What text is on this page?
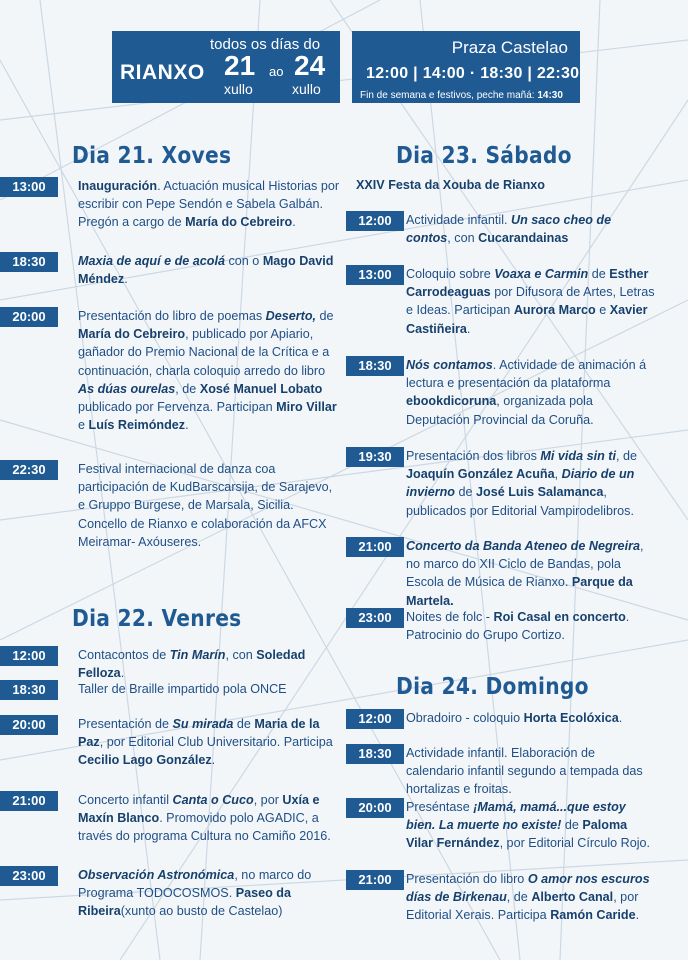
RIANXO
todos os días do
21 ao 24
xullo	xullo
Praza Castelao
12:00 | 14:00 · 18:30 | 22:30
Fin de semana e festivos, peche mañá: 14:30
Dia 21. Xoves
Dia 22. Venres
Dia 23. Sábado
Dia 24. Domingo
XXIV Festa da Xouba de Rianxo
13:00	Inauguración. Actuación musical Historias por escribir con Pepe Sendón e Sabela Galbán. Pregón a cargo de María do Cebreiro.
18:30	Maxia de aquí e de acolá con o Mago David Méndez.
20:00	Presentación do libro de poemas Deserto, de María do Cebreiro, publicado por Apiario, gañador do Premio Nacional de la Crítica e a continuación, charla coloquio arredo do libro As dúas ourelas, de Xosé Manuel Lobato publicado por Fervenza. Participan Miro Villar e Luís Reimóndez.
22:30	Festival internacional de danza coa participación de KudBarscarsija, de Sarajevo, e Gruppo Burgese, de Marsala, Sicilia. Concello de Rianxo e colaboración da AFCX Meiramar- Axóuseres.
12:00	Contacontos de Tin Marín, con Soledad Felloza.
18:30	Taller de Braille impartido pola ONCE
20:00	Presentación de Su mirada de Maria de la Paz, por Editorial Club Universitario. Participa Cecilio Lago González.
21:00	Concerto infantil Canta o Cuco, por Uxía e Maxín Blanco. Promovido polo AGADIC, a través do programa Cultura no Camiño 2016.
23:00	Observación Astronómica, no marco do Programa TODOCOSMOS. Paseo da Ribeira(xunto ao busto de Castelao)
12:00	Actividade infantil. Un saco cheo de contos, con Cucarandainas
13:00	Coloquio sobre Voaxa e Carmin de Esther Carrodeaguas por Difusora de Artes, Letras e Ideas. Participan Aurora Marco e Xavier Castiñeira.
18:30	Nós contamos. Actividade de animación á lectura e presentación da plataforma ebookdicoruna, organizada pola Deputación Provincial da Coruña.
19:30	Presentación dos libros Mi vida sin ti, de Joaquín González Acuña, Diario de un invierno de José Luis Salamanca, publicados por Editorial Vampirodelibros.
21:00	Concerto da Banda Ateneo de Negreira, no marco do XII Ciclo de Bandas, pola Escola de Música de Rianxo. Parque da Martela.
23:00	Noites de folc - Roi Casal en concerto. Patrocinio do Grupo Cortizo.
12:00	Obradoiro - coloquio Horta Ecolóxica.
18:30	Actividade infantil. Elaboración de calendario infantil segundo a tempada das hortalizas e froitas.
20:00	Preséntase ¡Mamá, mamá...que estoy bien. La muerte no existe! de Paloma Vilar Fernández, por Editorial Círculo Rojo.
21:00	Presentación do libro O amor nos escuros días de Birkenau, de Alberto Canal, por Editorial Xerais. Participa Ramón Caride.
